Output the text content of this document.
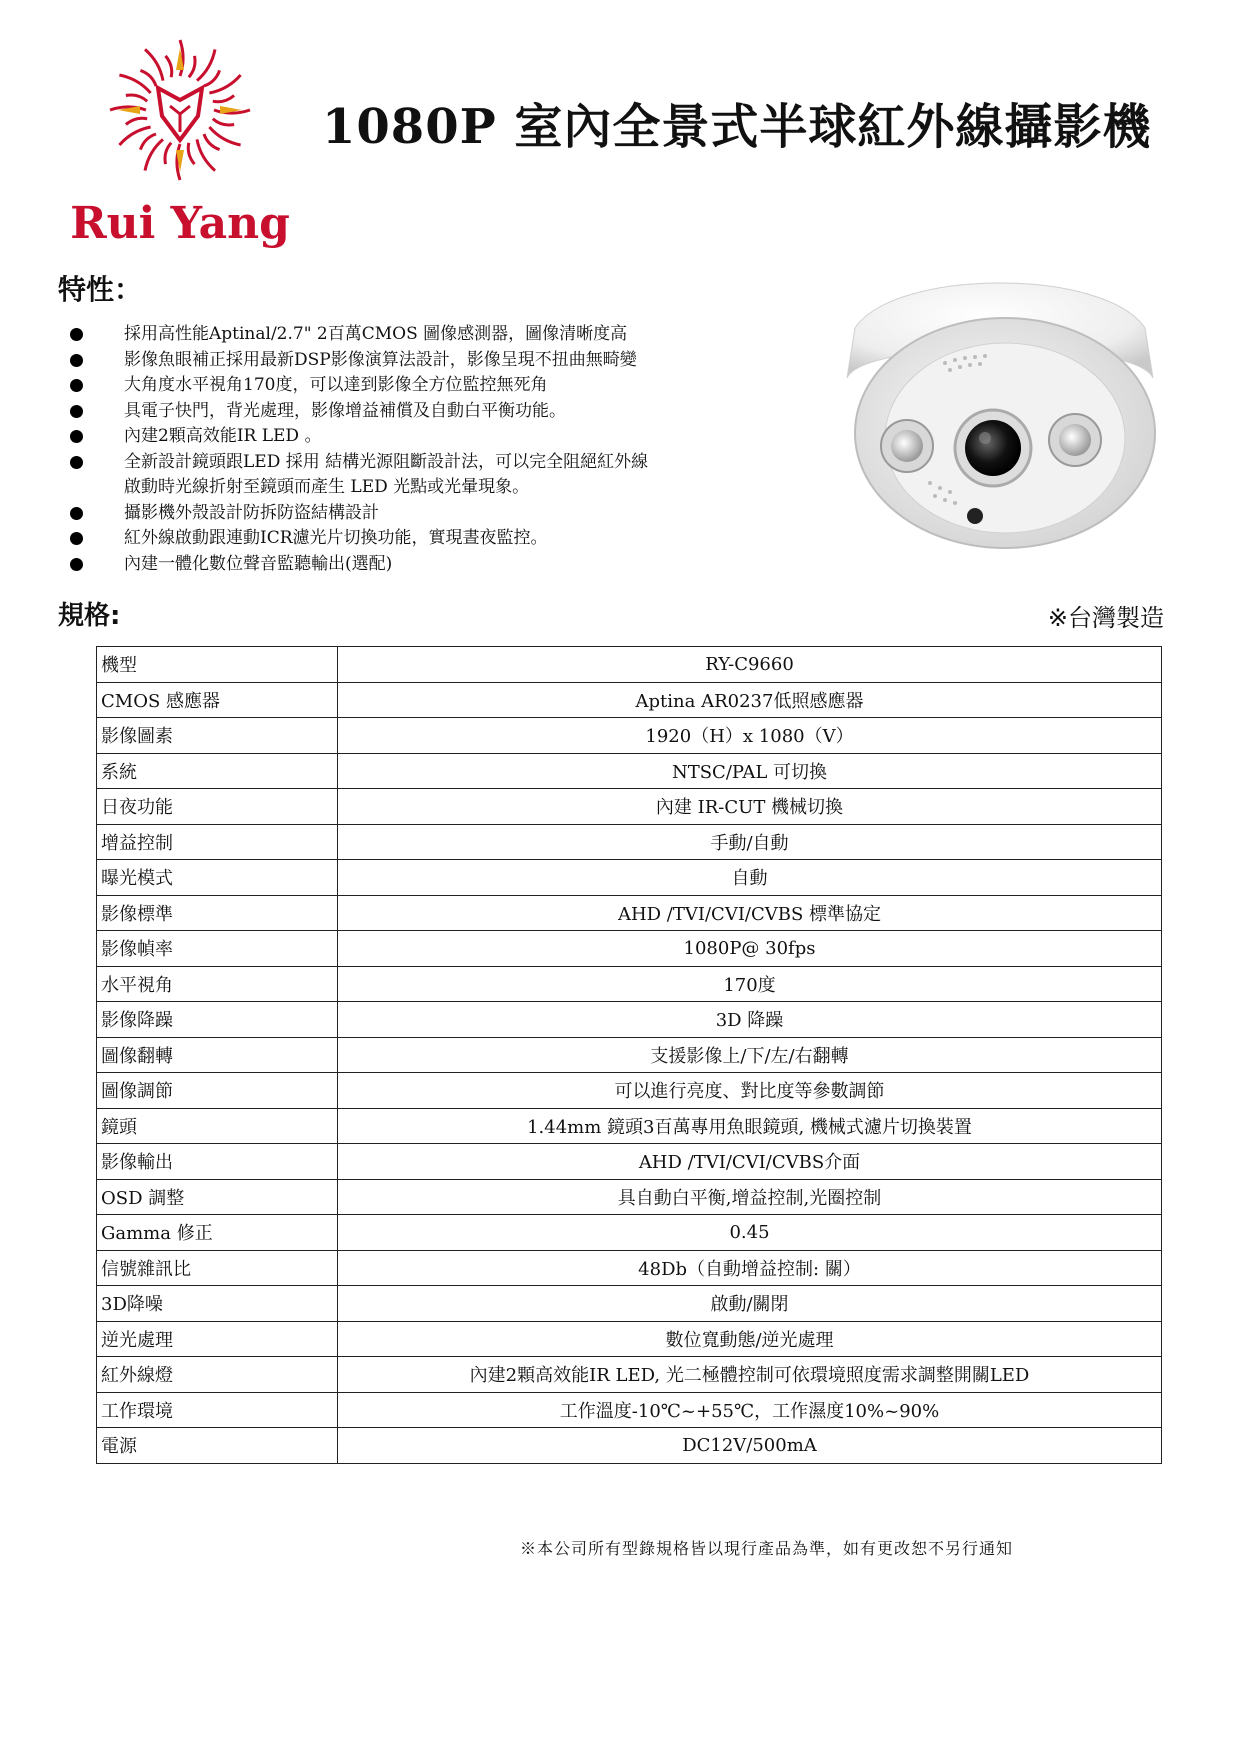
Rui Yang
1080P 室內全景式半球紅外線攝影機
特性：
採用高性能Aptinal/2.7" 2百萬CMOS 圖像感測器，圖像清晰度高
影像魚眼補正採用最新DSP影像演算法設計，影像呈現不扭曲無畸變
大角度水平視角170度，可以達到影像全方位監控無死角
具電子快門，背光處理，影像增益補償及自動白平衡功能。
內建2顆高效能IR LED 。
全新設計鏡頭跟LED 採用 結構光源阻斷設計法，可以完全阻絕紅外線
啟動時光線折射至鏡頭而產生 LED 光點或光暈現象。
攝影機外殼設計防拆防盜結構設計
紅外線啟動跟連動ICR濾光片切換功能，實現晝夜監控。
內建一體化數位聲音監聽輸出(選配)
規格:	※台灣製造
機型	RY-C9660
CMOS 感應器	Aptina AR0237低照感應器
影像圖素	1920（H）x 1080（V）
系統	NTSC/PAL 可切換
日夜功能	內建 IR-CUT 機械切換
增益控制	手動/自動
曝光模式	自動
影像標準	AHD /TVI/CVI/CVBS 標準協定
影像幀率	1080P@ 30fps
水平視角	170度
影像降躁	3D 降躁
圖像翻轉	支援影像上/下/左/右翻轉
圖像調節	可以進行亮度、對比度等參數調節
鏡頭	1.44mm 鏡頭3百萬專用魚眼鏡頭, 機械式濾片切換裝置
影像輸出	AHD /TVI/CVI/CVBS介面
OSD 調整	具自動白平衡,增益控制,光圈控制
Gamma 修正	0.45
信號雜訊比	48Db（自動增益控制: 關）
3D降噪	啟動/關閉
逆光處理	數位寬動態/逆光處理
紅外線燈	內建2顆高效能IR LED, 光二極體控制可依環境照度需求調整開關LED
工作環境	工作溫度-10℃~+55℃，工作濕度10%~90%
電源	DC12V/500mA
※本公司所有型錄規格皆以現行產品為準，如有更改恕不另行通知
